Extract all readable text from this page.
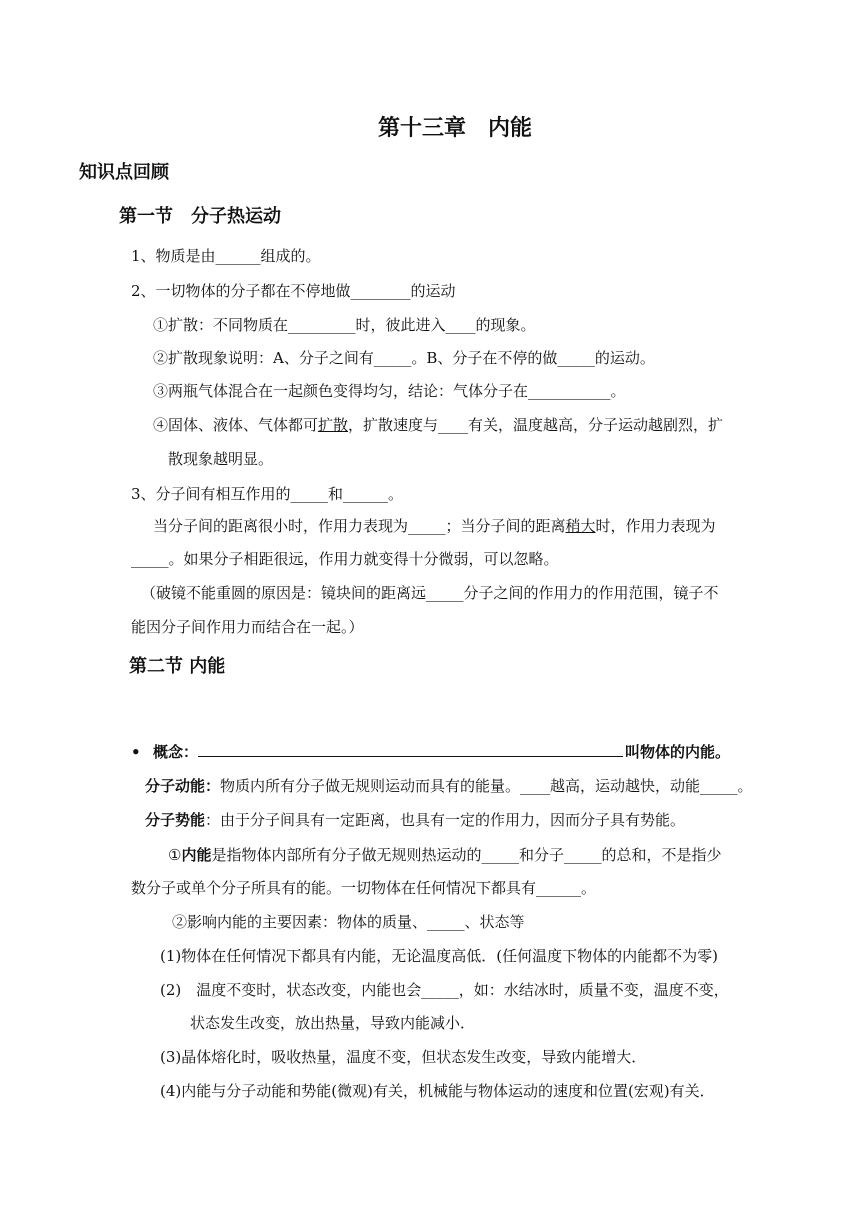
第十三章　内能
知识点回顾
第一节　分子热运动
1、物质是由______组成的。
2、一切物体的分子都在不停地做________的运动
①扩散：不同物质在_________时，彼此进入____的现象。
②扩散现象说明：A、分子之间有_____。B、分子在不停的做_____的运动。
③两瓶气体混合在一起颜色变得均匀，结论：气体分子在___________。
④固体、液体、气体都可扩散，扩散速度与____有关，温度越高，分子运动越剧烈，扩
散现象越明显。
3、分子间有相互作用的_____和______。
当分子间的距离很小时，作用力表现为_____；当分子间的距离稍大时，作用力表现为
_____。如果分子相距很远，作用力就变得十分微弱，可以忽略。
（破镜不能重圆的原因是：镜块间的距离远_____分子之间的作用力的作用范围，镜子不
能因分子间作用力而结合在一起。）
第二节 内能
• 概念：	叫物体的内能。
分子动能：物质内所有分子做无规则运动而具有的能量。____越高，运动越快，动能_____。
分子势能：由于分子间具有一定距离，也具有一定的作用力，因而分子具有势能。
①内能是指物体内部所有分子做无规则热运动的_____和分子_____的总和，不是指少
数分子或单个分子所具有的能。一切物体在任何情况下都具有______。
②影响内能的主要因素：物体的质量、_____、状态等
(1)物体在任何情况下都具有内能，无论温度高低．(任何温度下物体的内能都不为零)
(2)　温度不变时，状态改变，内能也会_____，如：水结冰时，质量不变，温度不变，
状态发生改变，放出热量，导致内能减小．
(3)晶体熔化时，吸收热量，温度不变，但状态发生改变，导致内能增大．
(4)内能与分子动能和势能(微观)有关，机械能与物体运动的速度和位置(宏观)有关．
